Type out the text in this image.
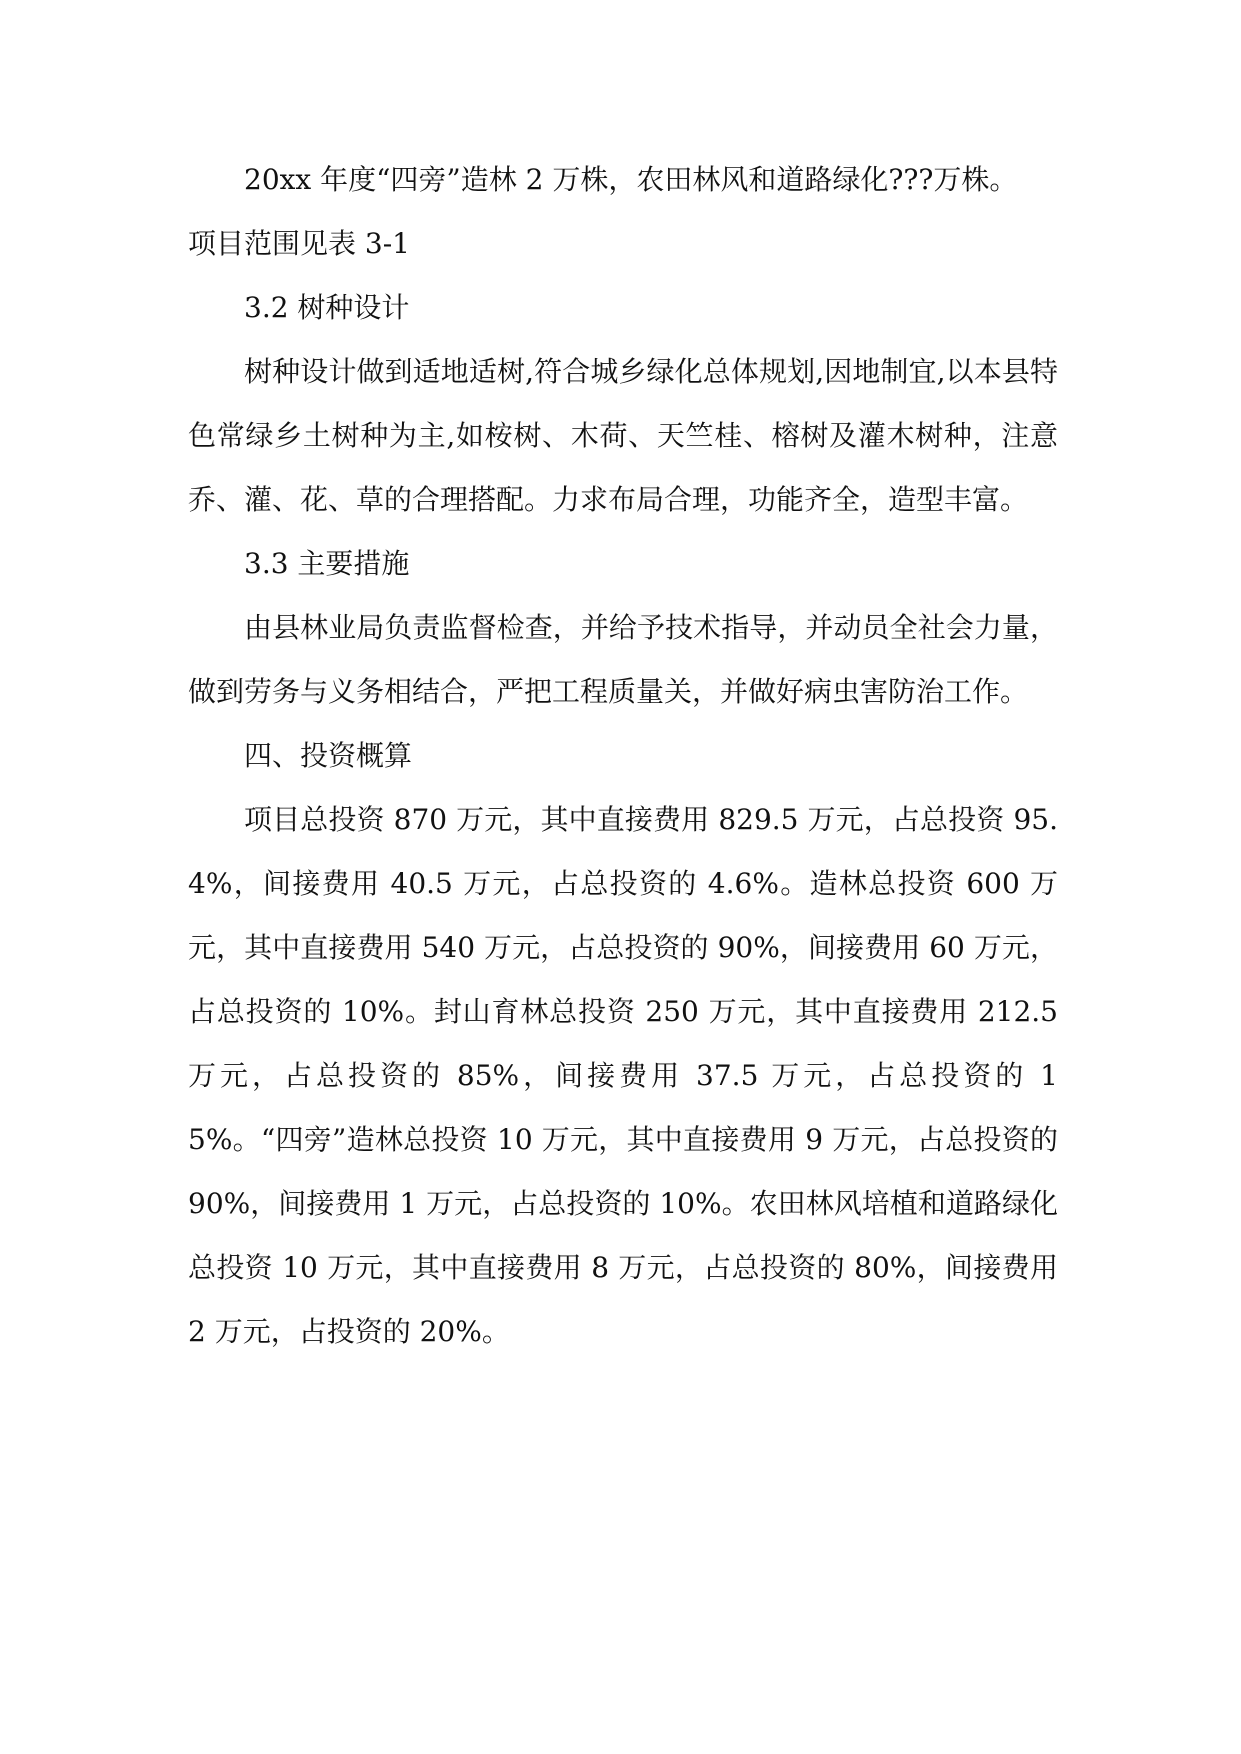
20xx 年度“四旁”造林 2 万株，农田林风和道路绿化???万株。

项目范围见表 3-1

3.2 树种设计

树种设计做到适地适树,符合城乡绿化总体规划,因地制宜,以本县特色常绿乡土树种为主,如桉树、木荷、天竺桂、榕树及灌木树种，注意乔、灌、花、草的合理搭配。力求布局合理，功能齐全，造型丰富。

3.3 主要措施

由县林业局负责监督检查，并给予技术指导，并动员全社会力量，做到劳务与义务相结合，严把工程质量关，并做好病虫害防治工作。

四、投资概算

项目总投资 870 万元，其中直接费用 829.5 万元，占总投资 95.4%，间接费用 40.5 万元，占总投资的 4.6%。造林总投资 600 万元，其中直接费用 540 万元，占总投资的 90%，间接费用 60 万元，占总投资的 10%。封山育林总投资 250 万元，其中直接费用 212.5 万元，占总投资的 85%，间接费用 37.5 万元，占总投资的 15%。“四旁”造林总投资 10 万元，其中直接费用 9 万元，占总投资的 90%，间接费用 1 万元，占总投资的 10%。农田林风培植和道路绿化总投资 10 万元，其中直接费用 8 万元，占总投资的 80%，间接费用 2 万元，占投资的 20%。
